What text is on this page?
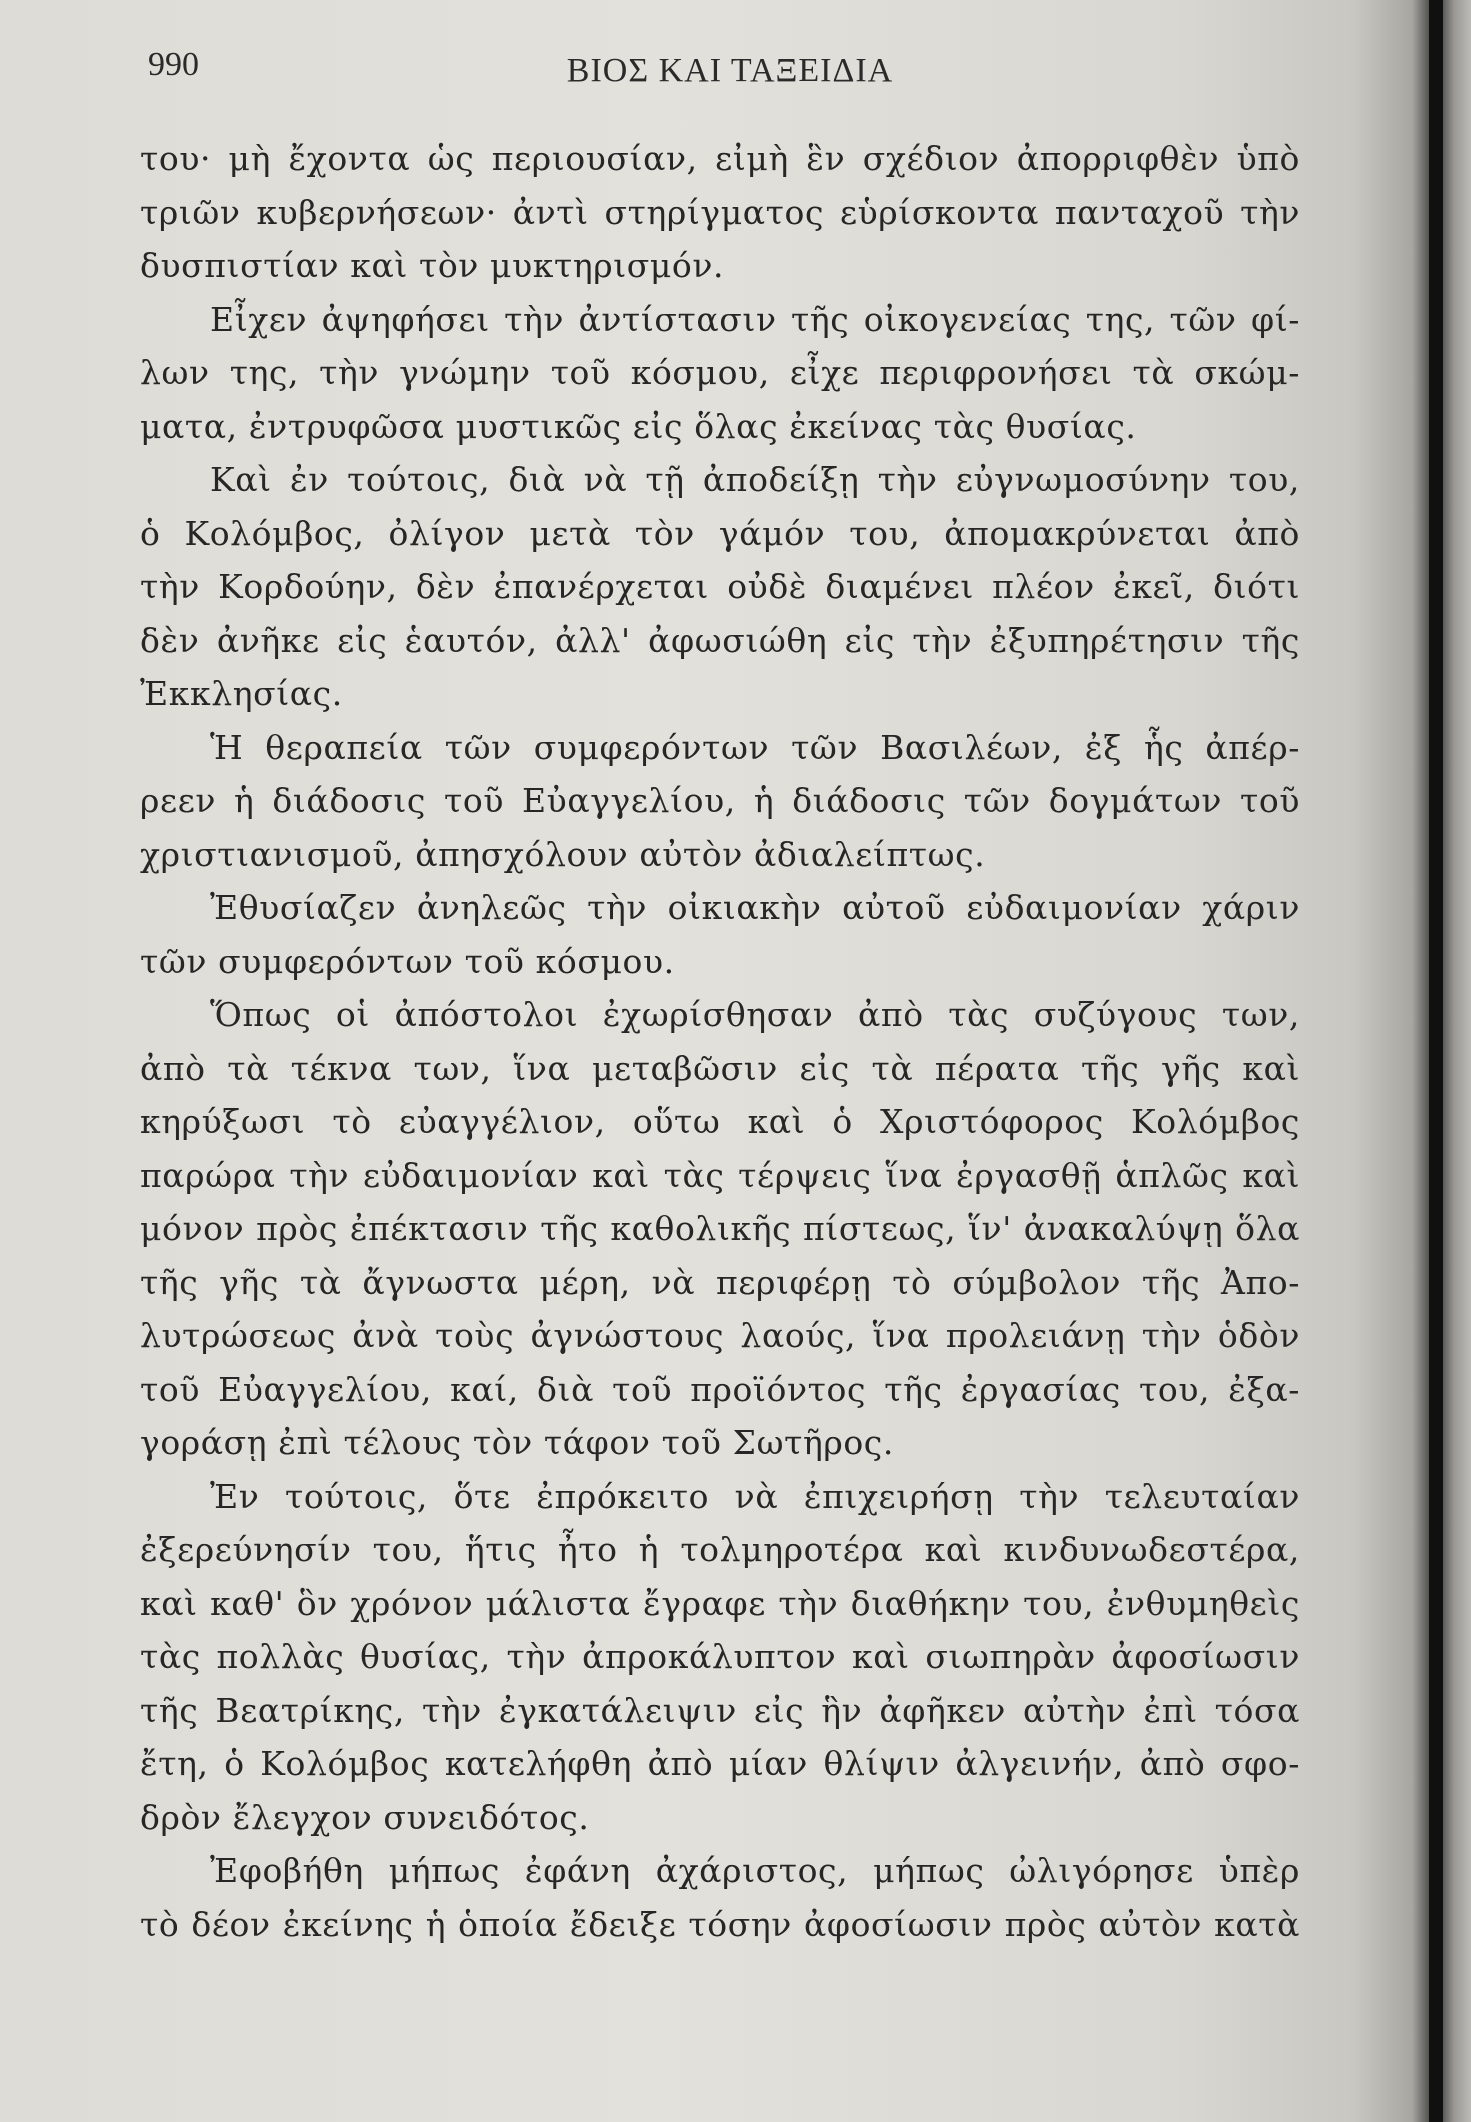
990	ΒΙΟΣ ΚΑΙ ΤΑΞΕΙΔΙΑ
του· μὴ ἔχοντα ὡς περιουσίαν, εἰμὴ ἓν σχέδιον ἀπορριφθὲν ὑπὸ
τριῶν κυβερνήσεων· ἀντὶ στηρίγματος εὑρίσκοντα πανταχοῦ τὴν
δυσπιστίαν καὶ τὸν μυκτηρισμόν.
Εἶχεν ἀψηφήσει τὴν ἀντίστασιν τῆς οἰκογενείας της, τῶν φί-
λων της, τὴν γνώμην τοῦ κόσμου, εἶχε περιφρονήσει τὰ σκώμ-
ματα, ἐντρυφῶσα μυστικῶς εἰς ὅλας ἐκείνας τὰς θυσίας.
Καὶ ἐν τούτοις, διὰ νὰ τῇ ἀποδείξῃ τὴν εὐγνωμοσύνην του,
ὁ Κολόμβος, ὀλίγον μετὰ τὸν γάμόν του, ἀπομακρύνεται ἀπὸ
τὴν Κορδούην, δὲν ἐπανέρχεται οὐδὲ διαμένει πλέον ἐκεῖ, διότι
δὲν ἀνῆκε εἰς ἑαυτόν, ἀλλ' ἀφωσιώθη εἰς τὴν ἐξυπηρέτησιν τῆς
Ἐκκλησίας.
Ἡ θεραπεία τῶν συμφερόντων τῶν Βασιλέων, ἐξ ἧς ἀπέρ-
ρεεν ἡ διάδοσις τοῦ Εὐαγγελίου, ἡ διάδοσις τῶν δογμάτων τοῦ
χριστιανισμοῦ, ἀπησχόλουν αὐτὸν ἀδιαλείπτως.
Ἐθυσίαζεν ἀνηλεῶς τὴν οἰκιακὴν αὐτοῦ εὐδαιμονίαν χάριν
τῶν συμφερόντων τοῦ κόσμου.
Ὅπως οἱ ἀπόστολοι ἐχωρίσθησαν ἀπὸ τὰς συζύγους των,
ἀπὸ τὰ τέκνα των, ἵνα μεταβῶσιν εἰς τὰ πέρατα τῆς γῆς καὶ
κηρύξωσι τὸ εὐαγγέλιον, οὕτω καὶ ὁ Χριστόφορος Κολόμβος
παρώρα τὴν εὐδαιμονίαν καὶ τὰς τέρψεις ἵνα ἐργασθῇ ἁπλῶς καὶ
μόνον πρὸς ἐπέκτασιν τῆς καθολικῆς πίστεως, ἵν' ἀνακαλύψῃ ὅλα
τῆς γῆς τὰ ἄγνωστα μέρη, νὰ περιφέρῃ τὸ σύμβολον τῆς Ἀπο-
λυτρώσεως ἀνὰ τοὺς ἀγνώστους λαούς, ἵνα προλειάνῃ τὴν ὁδὸν
τοῦ Εὐαγγελίου, καί, διὰ τοῦ προϊόντος τῆς ἐργασίας του, ἐξα-
γοράσῃ ἐπὶ τέλους τὸν τάφον τοῦ Σωτῆρος.
Ἐν τούτοις, ὅτε ἐπρόκειτο νὰ ἐπιχειρήσῃ τὴν τελευταίαν
ἐξερεύνησίν του, ἥτις ἦτο ἡ τολμηροτέρα καὶ κινδυνωδεστέρα,
καὶ καθ' ὃν χρόνον μάλιστα ἔγραφε τὴν διαθήκην του, ἐνθυμηθεὶς
τὰς πολλὰς θυσίας, τὴν ἀπροκάλυπτον καὶ σιωπηρὰν ἀφοσίωσιν
τῆς Βεατρίκης, τὴν ἐγκατάλειψιν εἰς ἣν ἀφῆκεν αὐτὴν ἐπὶ τόσα
ἔτη, ὁ Κολόμβος κατελήφθη ἀπὸ μίαν θλίψιν ἀλγεινήν, ἀπὸ σφο-
δρὸν ἔλεγχον συνειδότος.
Ἐφοβήθη μήπως ἐφάνη ἀχάριστος, μήπως ὠλιγόρησε ὑπὲρ
τὸ δέον ἐκείνης ἡ ὁποία ἔδειξε τόσην ἀφοσίωσιν πρὸς αὐτὸν κατὰ
